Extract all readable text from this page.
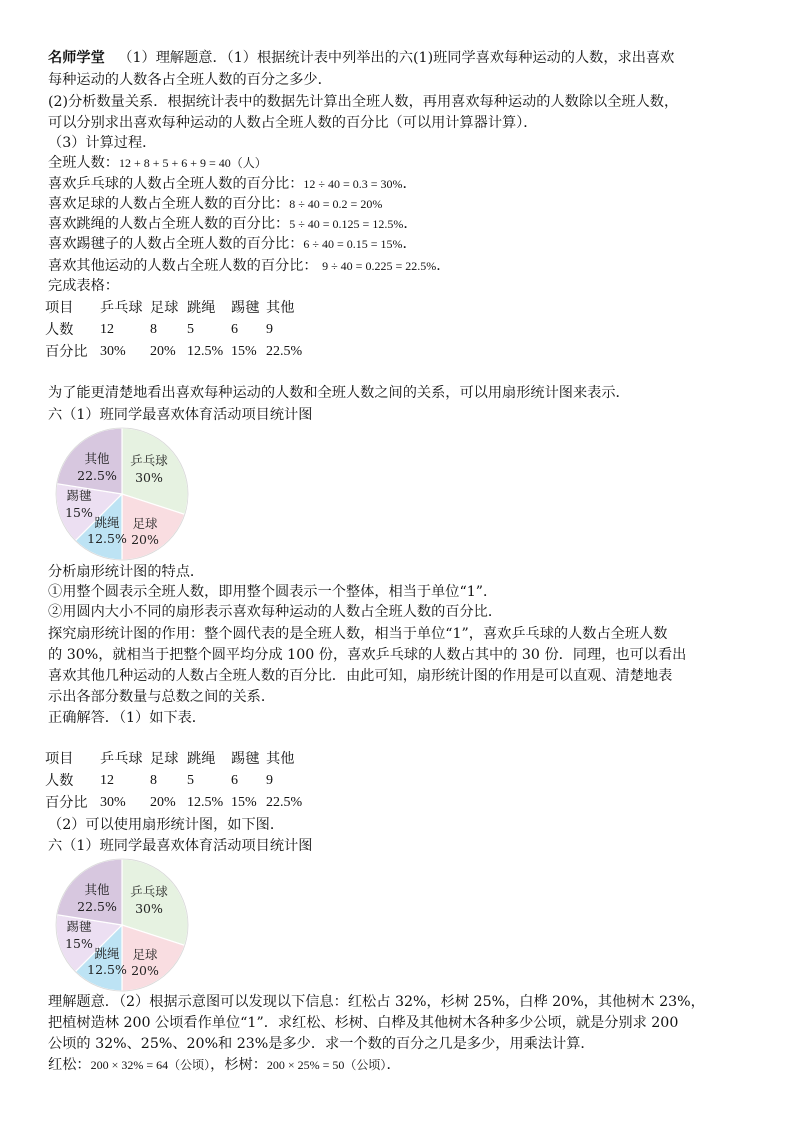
名师学堂 （1）理解题意．（1）根据统计表中列举出的六(1)班同学喜欢每种运动的人数，求出喜欢
每种运动的人数各占全班人数的百分之多少．
(2)分析数量关系．根据统计表中的数据先计算出全班人数，再用喜欢每种运动的人数除以全班人数，
可以分别求出喜欢每种运动的人数占全班人数的百分比（可以用计算器计算）．
（3）计算过程．
全班人数：12 + 8 + 5 + 6 + 9 = 40（人）
喜欢乒乓球的人数占全班人数的百分比：12 ÷ 40 = 0.3 = 30%．
喜欢足球的人数占全班人数的百分比：8 ÷ 40 = 0.2 = 20%
喜欢跳绳的人数占全班人数的百分比：5 ÷ 40 = 0.125 = 12.5%．
喜欢踢毽子的人数占全班人数的百分比：6 ÷ 40 = 0.15 = 15%．
喜欢其他运动的人数占全班人数的百分比： 9 ÷ 40 = 0.225 = 22.5%．
完成表格：
项目 乒乓球 足球 跳绳 踢毽 其他
人数 12	8 5	6 9
百分比 30% 20% 12.5% 15% 22.5%
为了能更清楚地看出喜欢每种运动的人数和全班人数之间的关系，可以用扇形统计图来表示．
六（1）班同学最喜欢体育活动项目统计图
乒乓球
30%
足球
20%
跳绳
12.5%
踢毽
15%
其他
22.5%
分析扇形统计图的特点．
①用整个圆表示全班人数，即用整个圆表示一个整体，相当于单位“1”．
②用圆内大小不同的扇形表示喜欢每种运动的人数占全班人数的百分比．
探究扇形统计图的作用：整个圆代表的是全班人数，相当于单位“1”，喜欢乒乓球的人数占全班人数
的 30%，就相当于把整个圆平均分成 100 份，喜欢乒乓球的人数占其中的 30 份．同理，也可以看出
喜欢其他几种运动的人数占全班人数的百分比．由此可知，扇形统计图的作用是可以直观、清楚地表
示出各部分数量与总数之间的关系．
正确解答．（1）如下表．
项目 乒乓球 足球 跳绳 踢毽 其他
人数 12	8 5	6 9
百分比 30% 20% 12.5% 15% 22.5%
（2）可以使用扇形统计图，如下图．
六（1）班同学最喜欢体育活动项目统计图
乒乓球
30%
足球
20%
跳绳
12.5%
踢毽
15%
其他
22.5%
理解题意．（2）根据示意图可以发现以下信息：红松占 32%，杉树 25%，白桦 20%，其他树木 23%，
把植树造林 200 公顷看作单位“1”．求红松、杉树、白桦及其他树木各种多少公顷，就是分别求 200
公顷的 32%、25%、20%和 23%是多少．求一个数的百分之几是多少，用乘法计算．
红松：200 × 32% = 64（公顷），杉树：200 × 25% = 50（公顷）．
